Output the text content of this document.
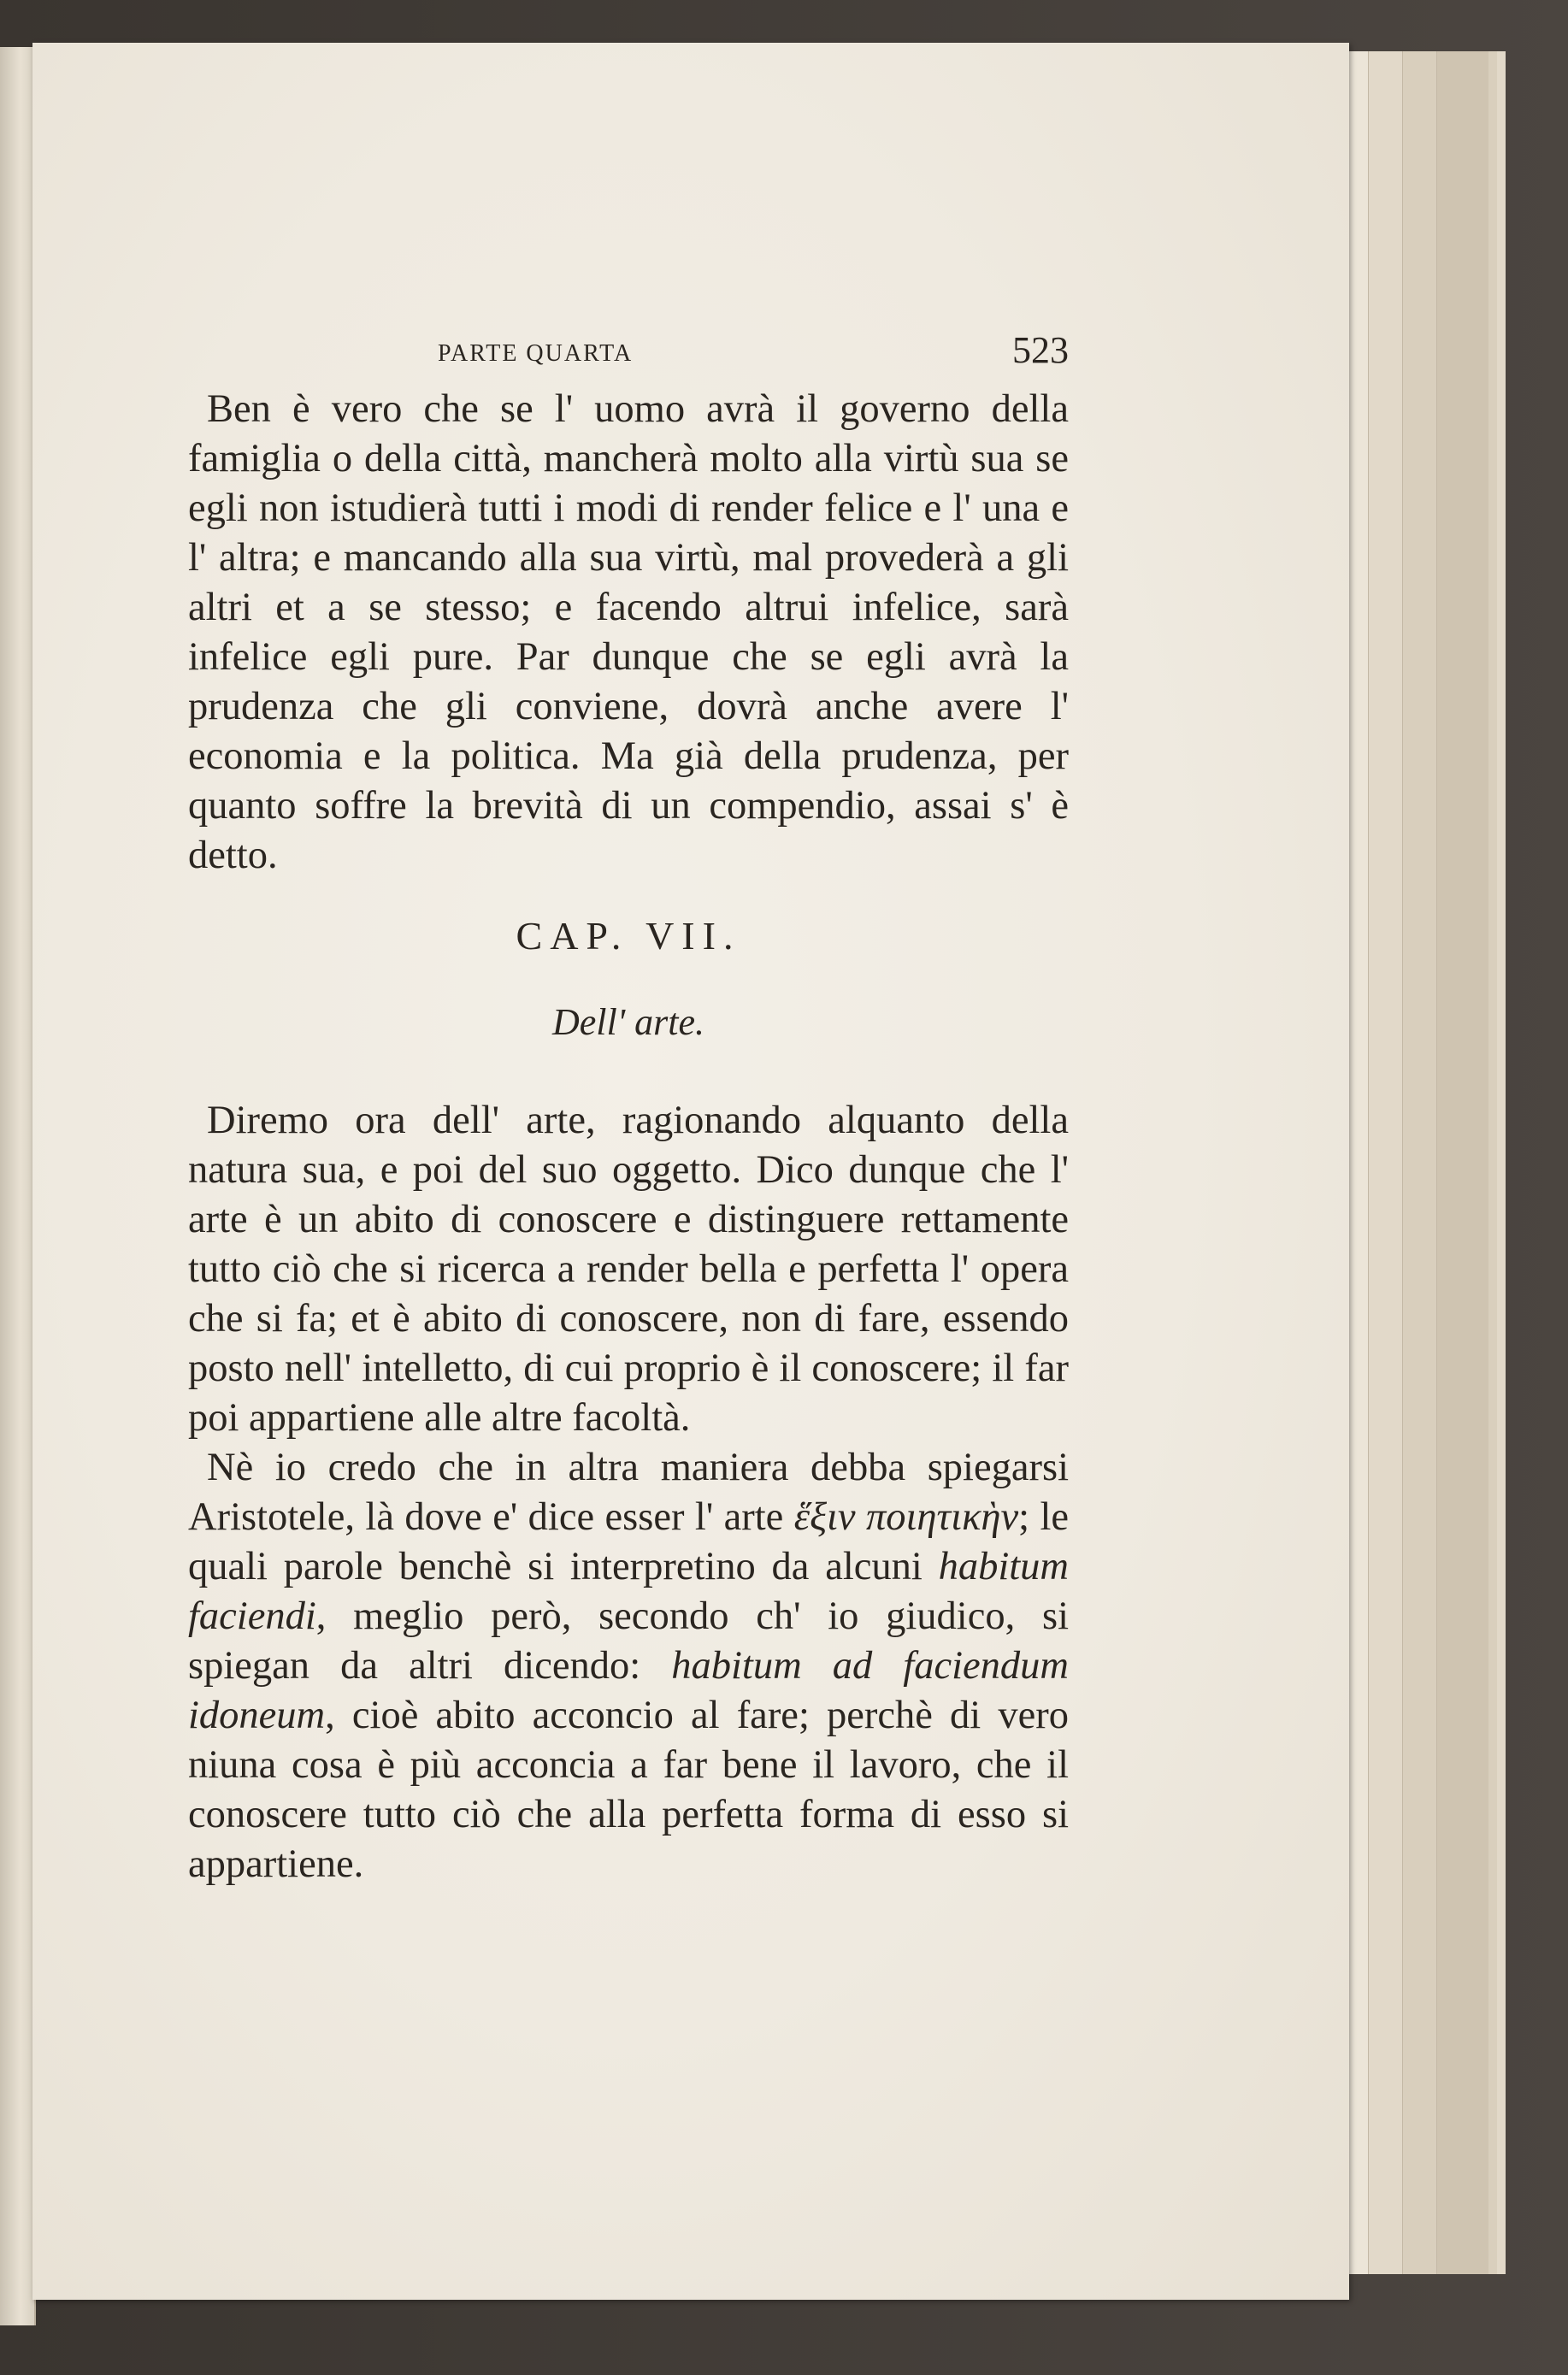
PARTE QUARTA	523

Ben è vero che se l' uomo avrà il governo della famiglia o della città, mancherà molto alla virtù sua se egli non istudierà tutti i modi di render felice e l' una e l' altra; e mancando alla sua virtù, mal provederà a gli altri et a se stesso; e facendo altrui infelice, sarà infelice egli pure. Par dunque che se egli avrà la prudenza che gli conviene, dovrà anche avere l' economia e la politica. Ma già della prudenza, per quanto soffre la brevità di un compendio, assai s' è detto.

CAP. VII.
Dell' arte.

Diremo ora dell' arte, ragionando alquanto della natura sua, e poi del suo oggetto. Dico dunque che l' arte è un abito di conoscere e distinguere rettamente tutto ciò che si ricerca a render bella e perfetta l' opera che si fa; et è abito di conoscere, non di fare, essendo posto nell' intelletto, di cui proprio è il conoscere; il far poi appartiene alle altre facoltà.

Nè io credo che in altra maniera debba spiegarsi Aristotele, là dove e' dice esser l' arte ἕξιν ποιητικὴν; le quali parole benchè si interpretino da alcuni habitum faciendi, meglio però, secondo ch' io giudico, si spiegan da altri dicendo: habitum ad faciendum idoneum, cioè abito acconcio al fare; perchè di vero niuna cosa è più acconcia a far bene il lavoro, che il conoscere tutto ciò che alla perfetta forma di esso si appartiene.
